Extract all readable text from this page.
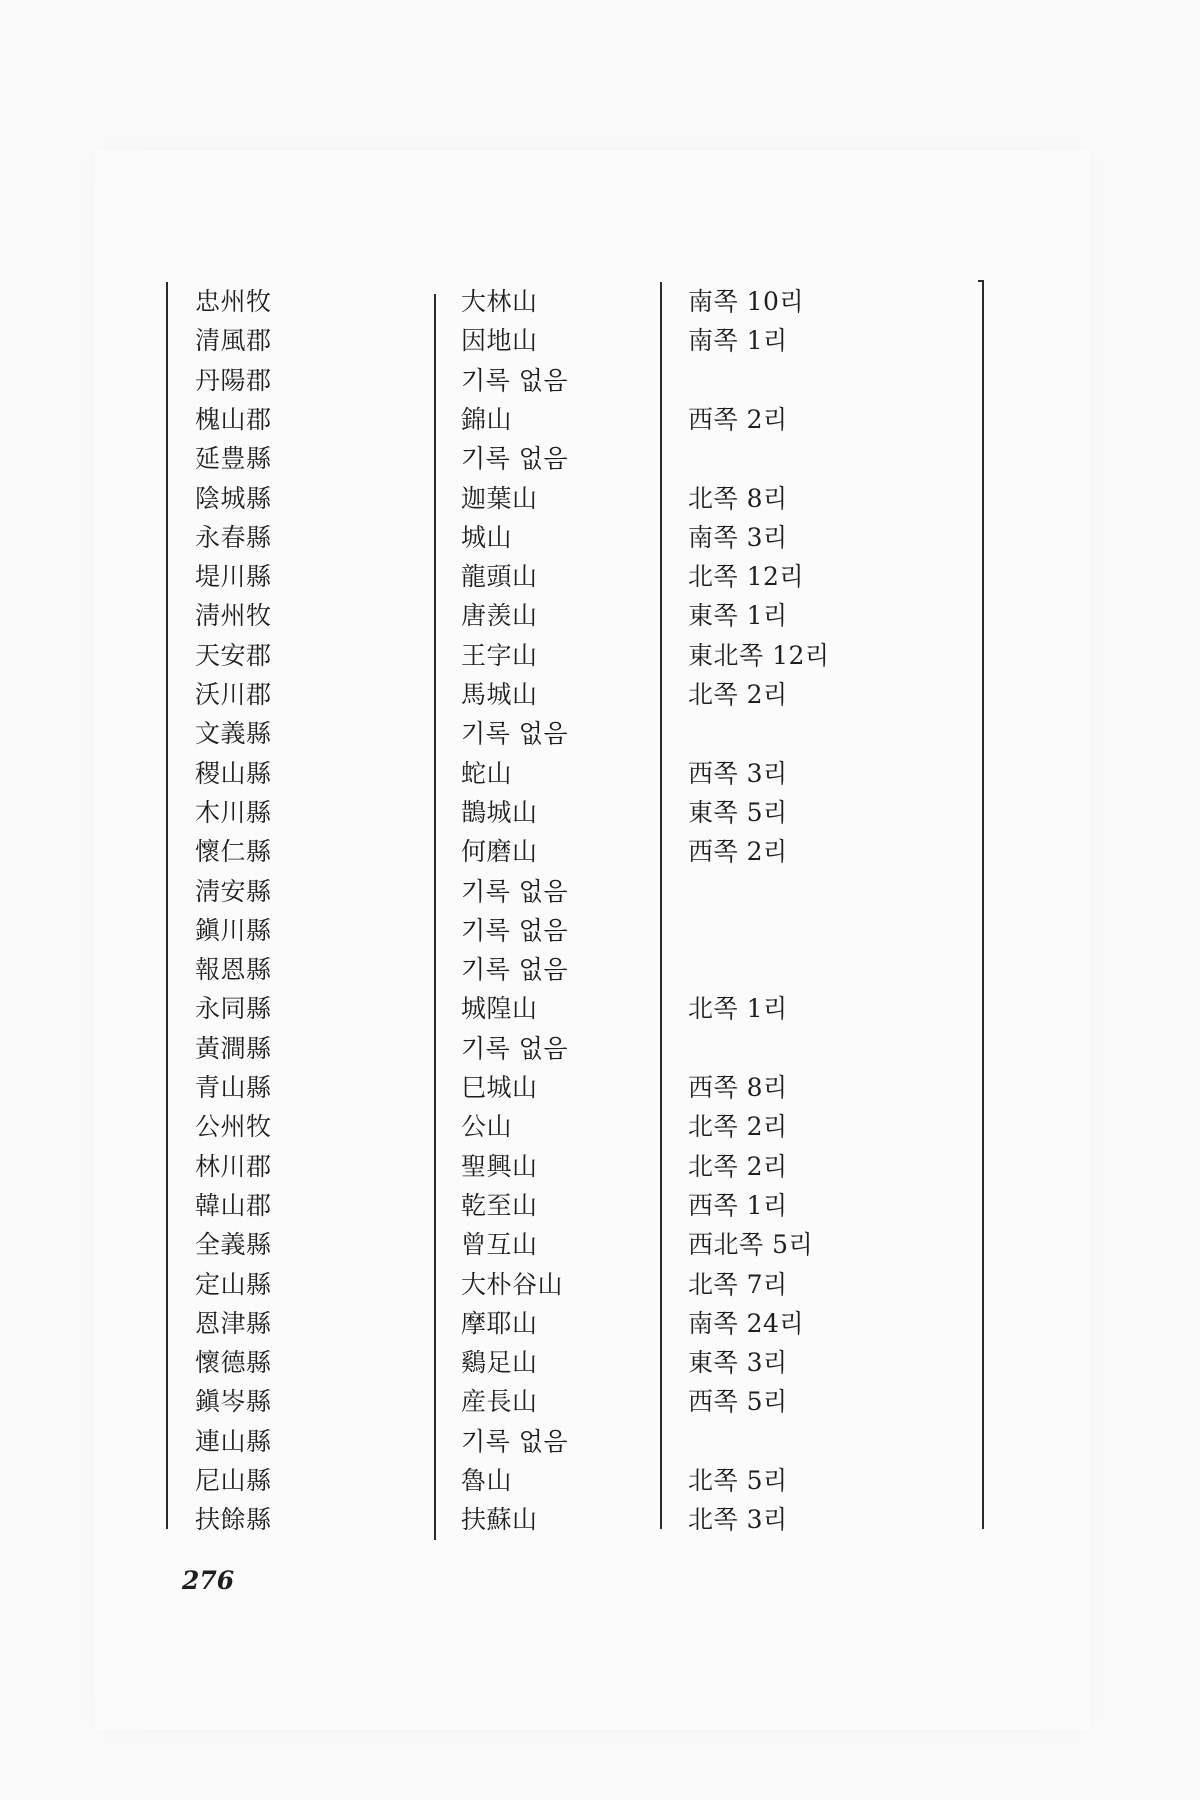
忠州牧	大林山	南쪽 10리
清風郡	因地山	南쪽 1리
丹陽郡	기록 없음
槐山郡	錦山	西쪽 2리
延豊縣	기록 없음
陰城縣	迦葉山	北쪽 8리
永春縣	城山	南쪽 3리
堤川縣	龍頭山	北쪽 12리
淸州牧	唐羡山	東쪽 1리
天安郡	王字山	東北쪽 12리
沃川郡	馬城山	北쪽 2리
文義縣	기록 없음
稷山縣	蛇山	西쪽 3리
木川縣	鵲城山	東쪽 5리
懷仁縣	何磨山	西쪽 2리
淸安縣	기록 없음
鎭川縣	기록 없음
報恩縣	기록 없음
永同縣	城隍山	北쪽 1리
黃澗縣	기록 없음
青山縣	巳城山	西쪽 8리
公州牧	公山	北쪽 2리
林川郡	聖興山	北쪽 2리
韓山郡	乾至山	西쪽 1리
全義縣	曾互山	西北쪽 5리
定山縣	大朴谷山	北쪽 7리
恩津縣	摩耶山	南쪽 24리
懷德縣	鷄足山	東쪽 3리
鎭岑縣	産長山	西쪽 5리
連山縣	기록 없음
尼山縣	魯山	北쪽 5리
扶餘縣	扶蘇山	北쪽 3리
276
